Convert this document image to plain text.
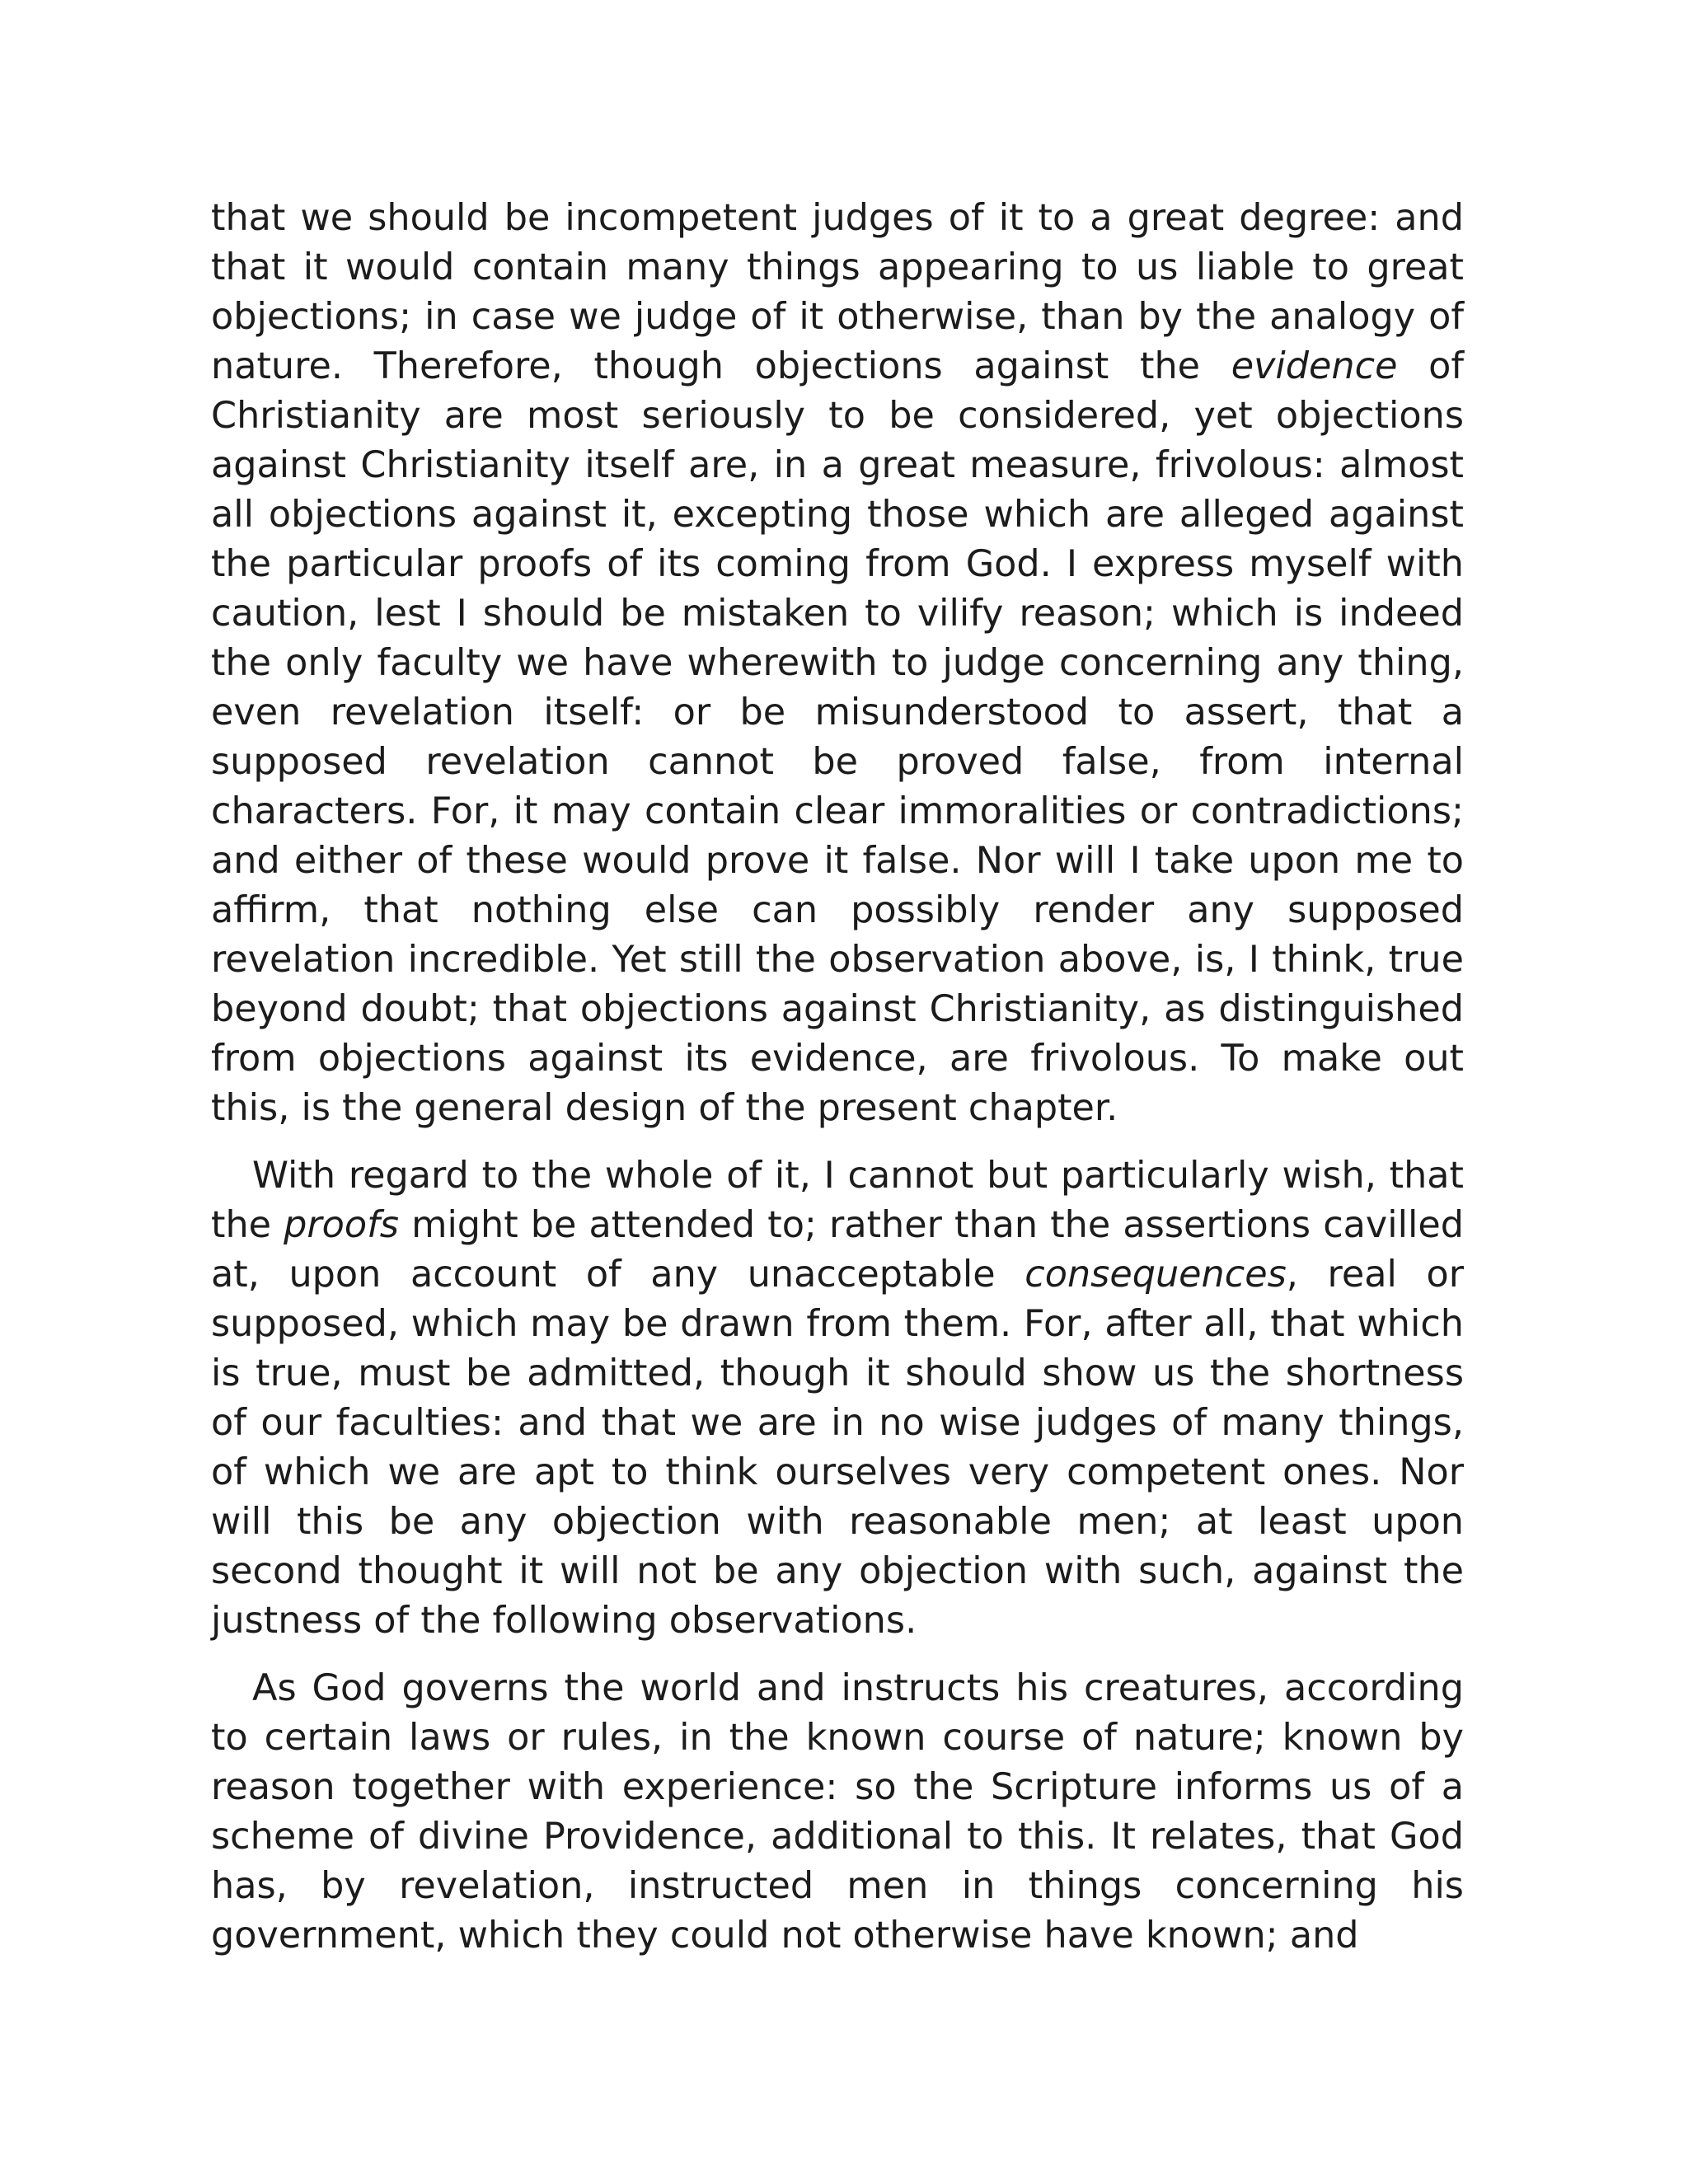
that we should be incompetent judges of it to a great degree: and that it would contain many things appearing to us liable to great objections; in case we judge of it otherwise, than by the analogy of nature. Therefore, though objections against the evidence of Christianity are most seriously to be considered, yet objections against Christianity itself are, in a great measure, frivolous: almost all objections against it, excepting those which are alleged against the particular proofs of its coming from God. I express myself with caution, lest I should be mistaken to vilify reason; which is indeed the only faculty we have wherewith to judge concerning any thing, even revelation itself: or be misunderstood to assert, that a supposed revelation cannot be proved false, from internal characters. For, it may contain clear immoralities or contradictions; and either of these would prove it false. Nor will I take upon me to affirm, that nothing else can possibly render any supposed revelation incredible. Yet still the observation above, is, I think, true beyond doubt; that objections against Christianity, as distinguished from objections against its evidence, are frivolous. To make out this, is the general design of the present chapter.

With regard to the whole of it, I cannot but particularly wish, that the proofs might be attended to; rather than the assertions cavilled at, upon account of any unacceptable consequences, real or supposed, which may be drawn from them. For, after all, that which is true, must be admitted, though it should show us the shortness of our faculties: and that we are in no wise judges of many things, of which we are apt to think ourselves very competent ones. Nor will this be any objection with reasonable men; at least upon second thought it will not be any objection with such, against the justness of the following observations.

As God governs the world and instructs his creatures, according to certain laws or rules, in the known course of nature; known by reason together with experience: so the Scripture informs us of a scheme of divine Providence, additional to this. It relates, that God has, by revelation, instructed men in things concerning his government, which they could not otherwise have known; and
